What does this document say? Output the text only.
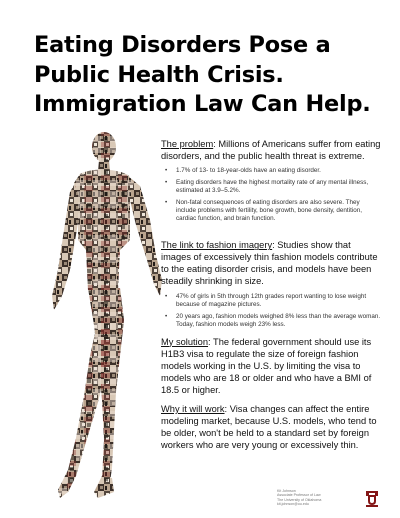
Eating Disorders Pose a
Public Health Crisis.
Immigration Law Can Help.
The problem: Millions of Americans suffer from eating disorders, and the public health threat is extreme.
• 1.7% of 13- to 18-year-olds have an eating disorder.
• Eating disorders have the highest mortality rate of any mental illness, estimated at 3.9–5.2%.
• Non-fatal consequences of eating disorders are also severe. They include problems with fertility, bone growth, bone density, dentition, cardiac function, and brain function.
The link to fashion imagery: Studies show that images of excessively thin fashion models contribute to the eating disorder crisis, and models have been steadily shrinking in size.
• 47% of girls in 5th through 12th grades report wanting to lose weight because of magazine pictures.
• 20 years ago, fashion models weighed 8% less than the average woman. Today, fashion models weigh 23% less.
My solution: The federal government should use its H1B3 visa to regulate the size of foreign fashion models working in the U.S. by limiting the visa to models who are 18 or older and who have a BMI of 18.5 or higher.
Why it will work: Visa changes can affect the entire modeling market, because U.S. models, who tend to be older, won't be held to a standard set by foreign workers who are very young or excessively thin.
Kit Johnson
Associate Professor of Law
The University of Oklahoma
kit.johnson@ou.edu
